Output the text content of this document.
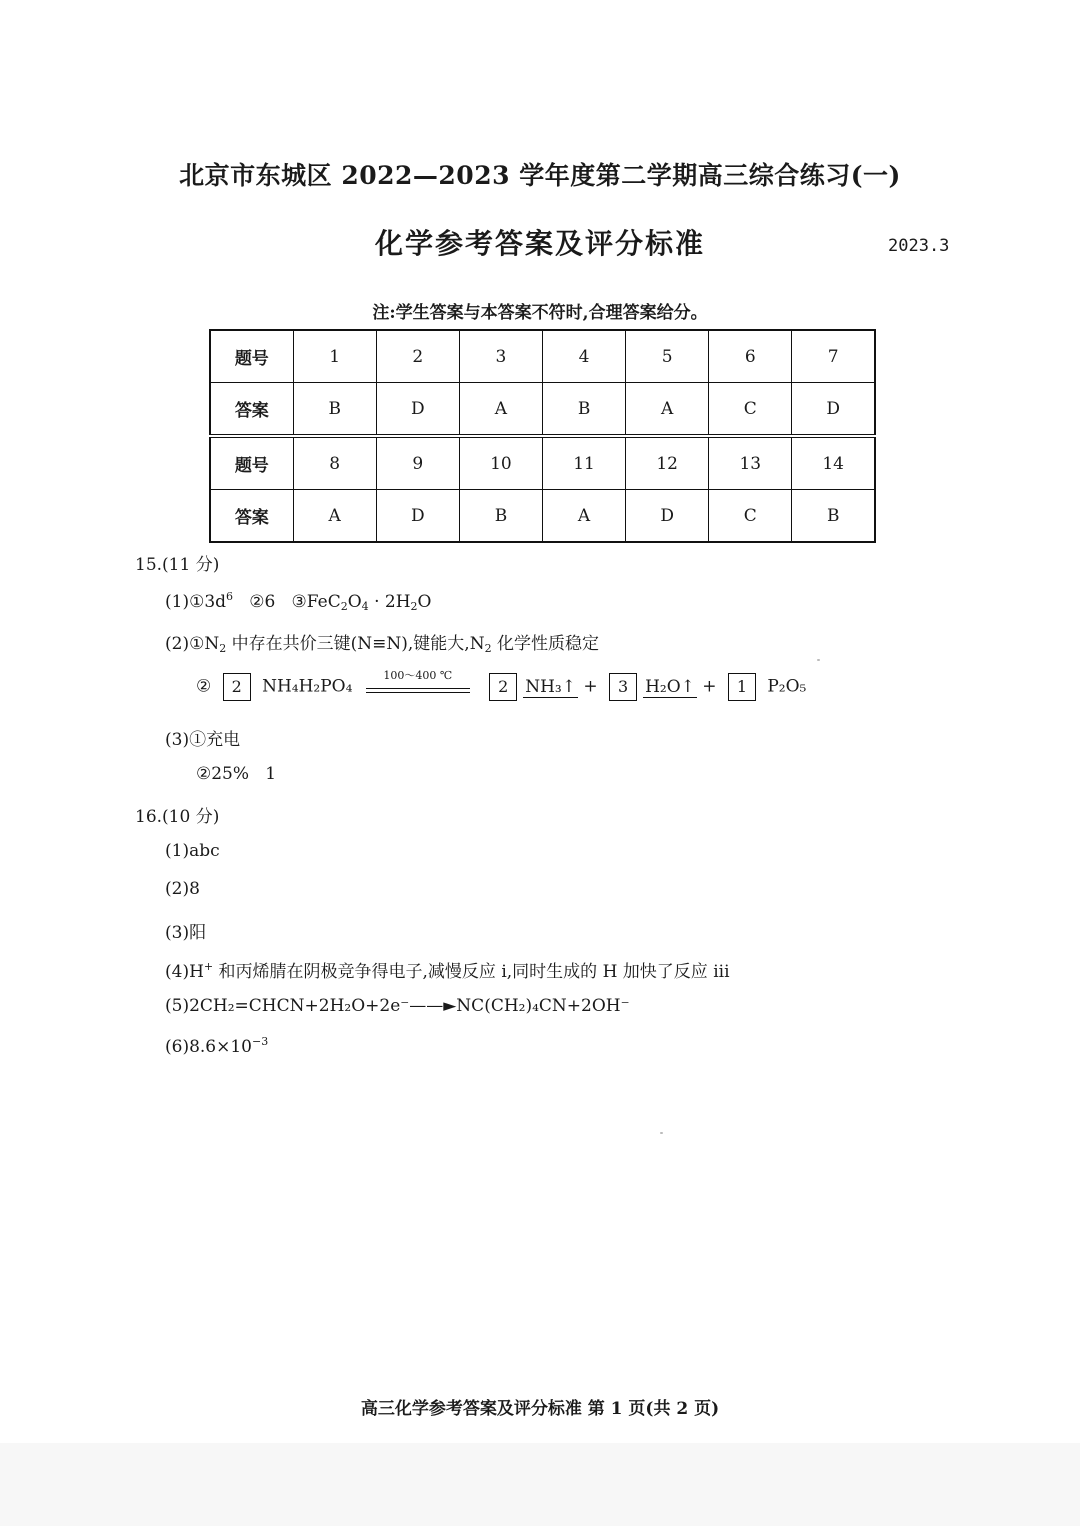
北京市东城区 2022—2023 学年度第二学期高三综合练习(一)
化学参考答案及评分标准	2023.3
注:学生答案与本答案不符时,合理答案给分。
题号	1	2	3	4	5	6	7
答案	B	D	A	B	A	C	D
题号	8	9	10	11	12	13	14
答案	A	D	B	A	D	C	B
15.(11 分)
$(1)①3d^6$ ②6 $③FeC_2O_4 \cdot 2H_2O$
$(2)①N_2$ 中存在共价三键(N≡N),键能大$,N_2$ 化学性质稳定
② 2 NH₄H₂PO₄
100～400 ℃
2 NH₃↑ + 3 H₂O↑ + 1 P₂O₅
(3)①充电
②25% 1
16.(10 分)
(1)abc
(2)8
(3)阳
(4)H+ 和丙烯腈在阴极竞争得电子,减慢反应 i,同时生成的 H 加快了反应 iii
(5)2CH₂=CHCN+2H₂O+2e⁻——►NC(CH₂)₄CN+2OH⁻
$(6)8.6\times 10^{-3}$
高三化学参考答案及评分标准 第 1 页(共 2 页)
